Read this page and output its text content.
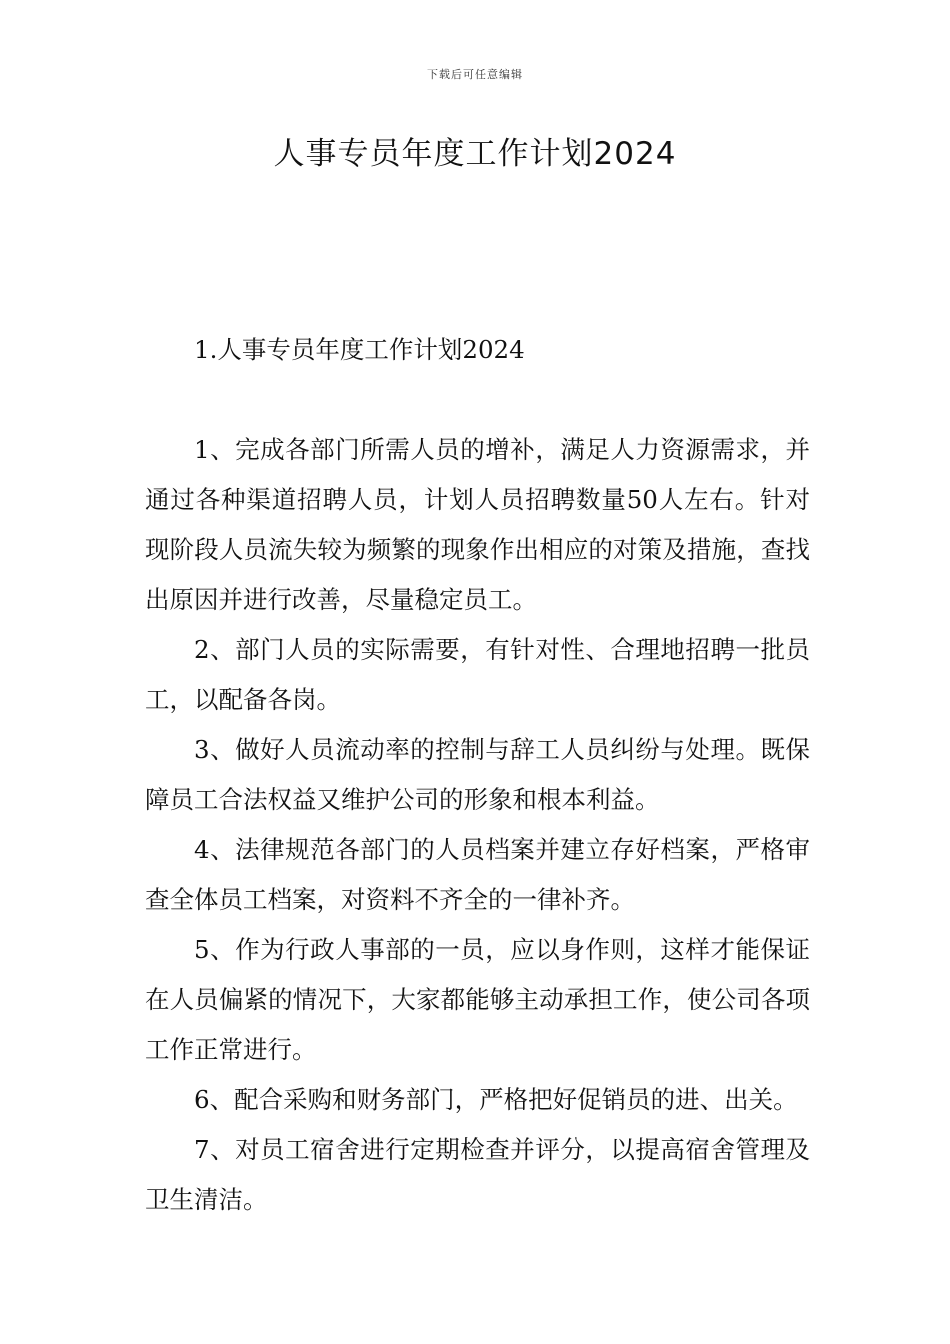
下载后可任意编辑
人事专员年度工作计划2024

1.人事专员年度工作计划2024

1、完成各部门所需人员的增补，满足人力资源需求，并通过各种渠道招聘人员，计划人员招聘数量50人左右。针对现阶段人员流失较为频繁的现象作出相应的对策及措施，查找出原因并进行改善，尽量稳定员工。

2、部门人员的实际需要，有针对性、合理地招聘一批员工，以配备各岗。

3、做好人员流动率的控制与辞工人员纠纷与处理。既保障员工合法权益又维护公司的形象和根本利益。

4、法律规范各部门的人员档案并建立存好档案，严格审查全体员工档案，对资料不齐全的一律补齐。

5、作为行政人事部的一员，应以身作则，这样才能保证在人员偏紧的情况下，大家都能够主动承担工作，使公司各项工作正常进行。

6、配合采购和财务部门，严格把好促销员的进、出关。

7、对员工宿舍进行定期检查并评分，以提高宿舍管理及卫生清洁。
